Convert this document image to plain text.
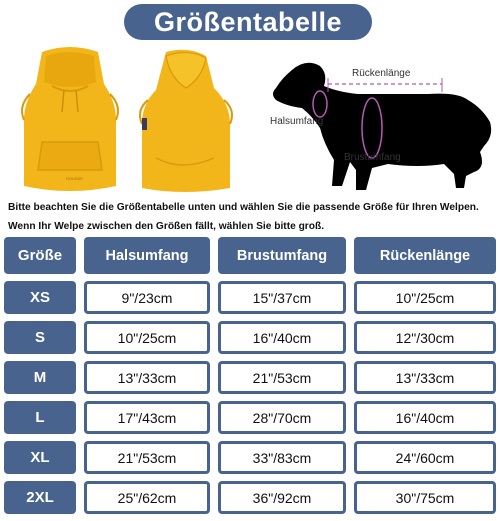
Größentabelle
HOUSSE
Rückenlänge
Halsumfang
Brustumfang
Bitte beachten Sie die Größentabelle unten und wählen Sie die passende Größe für Ihren Welpen.
Wenn Ihr Welpe zwischen den Größen fällt, wählen Sie bitte groß.
Größe	Halsumfang	Brustumfang	Rückenlänge
XS	9"/23cm	15"/37cm	10"/25cm
S	10"/25cm	16"/40cm	12"/30cm
M	13"/33cm	21"/53cm	13"/33cm
L	17"/43cm	28"/70cm	16"/40cm
XL	21"/53cm	33"/83cm	24"/60cm
2XL	25"/62cm	36"/92cm	30"/75cm
